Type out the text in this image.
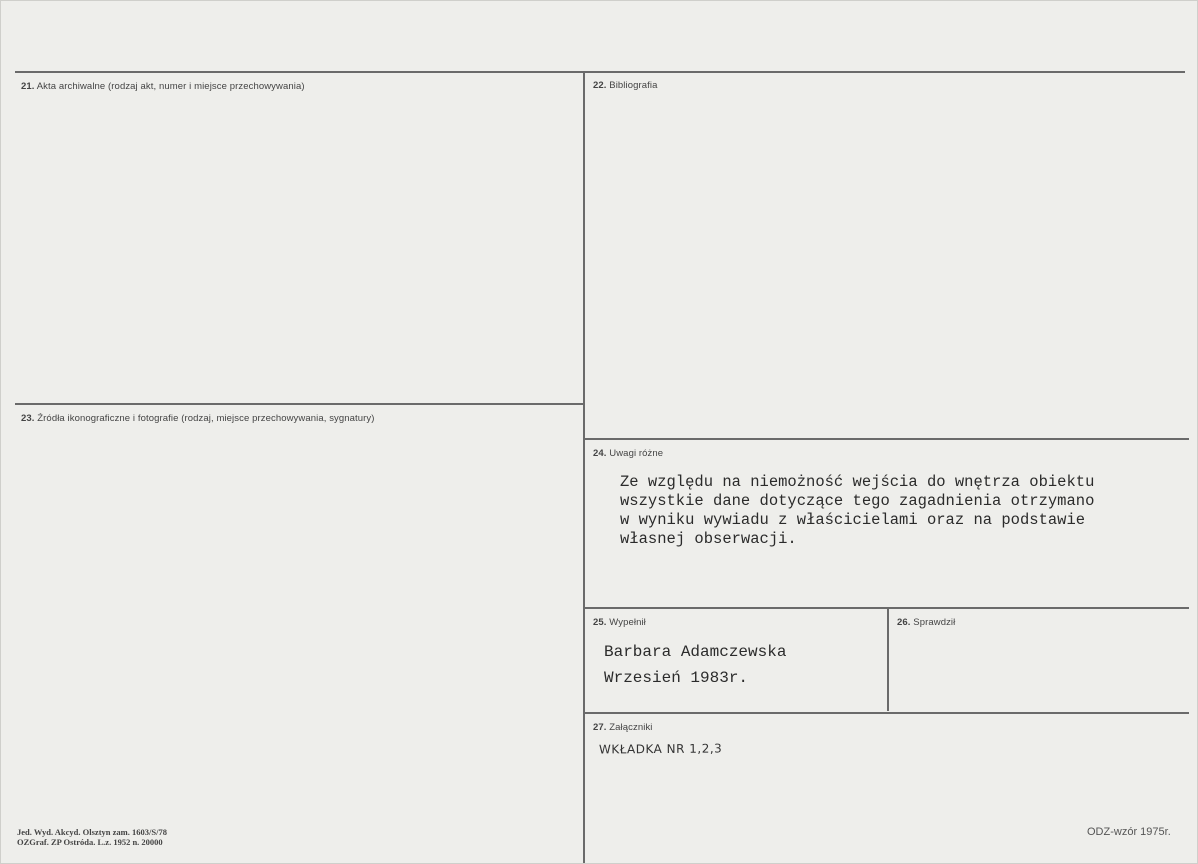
21. Akta archiwalne (rodzaj akt, numer i miejsce przechowywania)	22. Bibliografia
23. Źródła ikonograficzne i fotografie (rodzaj, miejsce przechowywania, sygnatury)
24. Uwagi różne
Ze względu na niemożność wejścia do wnętrza obiektu
wszystkie dane dotyczące tego zagadnienia otrzymano
w wyniku wywiadu z właścicielami oraz na podstawie
własnej obserwacji.
25. Wypełnił
Barbara Adamczewska
Wrzesień 1983r.
26. Sprawdził
27. Załączniki
WKŁADKA NR 1,2,3
Jed. Wyd. Akcyd. Olsztyn zam. 1603/S/78
OZGraf. ZP Ostróda. L.z. 1952 n. 20000
ODZ-wzór 1975r.
